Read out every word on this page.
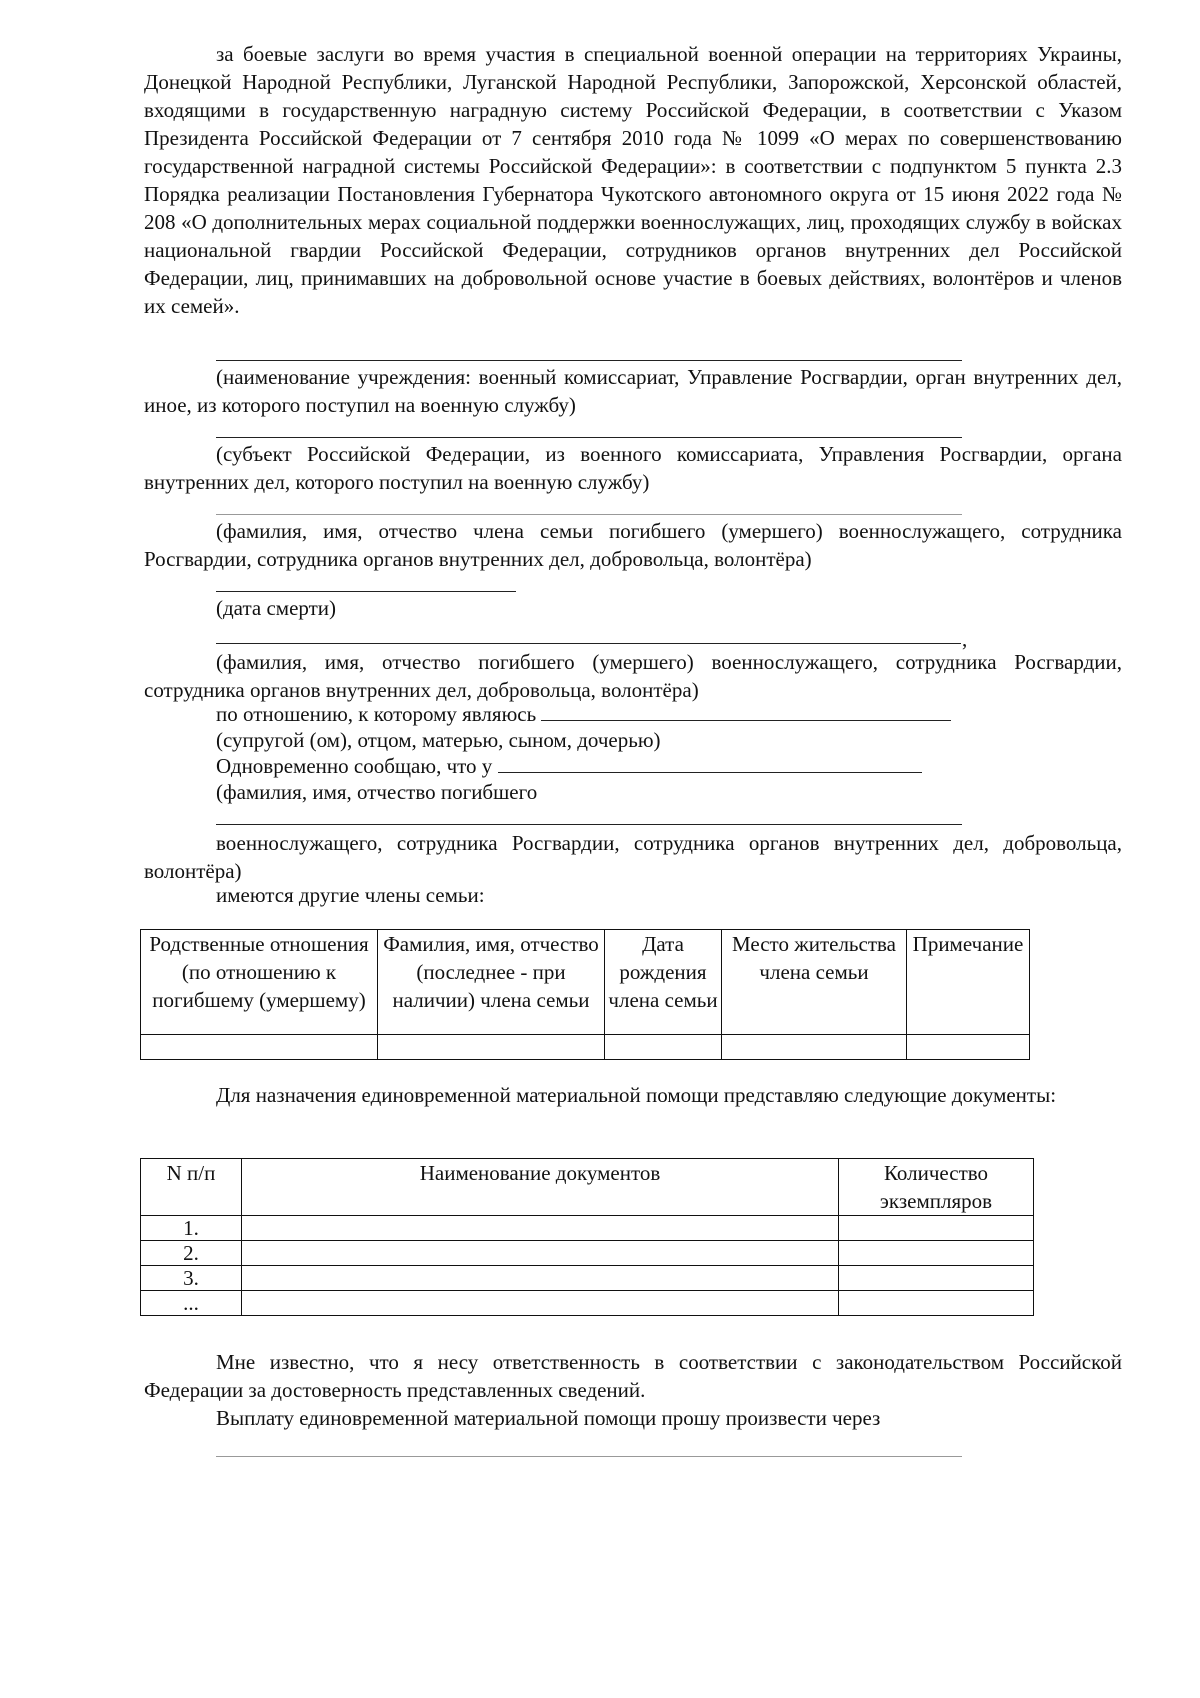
за боевые заслуги во время участия в специальной военной операции на территориях Украины, Донецкой Народной Республики, Луганской Народной Республики, Запорожской, Херсонской областей, входящими в государственную наградную систему Российской Федерации, в соответствии с Указом Президента Российской Федерации от 7 сентября 2010 года № 1099 «О мерах по совершенствованию государственной наградной системы Российской Федерации»: в соответствии с подпунктом 5 пункта 2.3 Порядка реализации Постановления Губернатора Чукотского автономного округа от 15 июня 2022 года № 208 «О дополнительных мерах социальной поддержки военнослужащих, лиц, проходящих службу в войсках национальной гвардии Российской Федерации, сотрудников органов внутренних дел Российской Федерации, лиц, принимавших на добровольной основе участие в боевых действиях, волонтёров и членов их семей».

(наименование учреждения: военный комиссариат, Управление Росгвардии, орган внутренних дел, иное, из которого поступил на военную службу)

(субъект Российской Федерации, из военного комиссариата, Управления Росгвардии, органа внутренних дел, которого поступил на военную службу)

(фамилия, имя, отчество члена семьи погибшего (умершего) военнослужащего, сотрудника Росгвардии, сотрудника органов внутренних дел, добровольца, волонтёра)

(дата смерти)
,

(фамилия, имя, отчество погибшего (умершего) военнослужащего, сотрудника Росгвардии, сотрудника органов внутренних дел, добровольца, волонтёра)

по отношению, к которому являюсь
(супругой (ом), отцом, матерью, сыном, дочерью)
Одновременно сообщаю, что у
(фамилия, имя, отчество погибшего

военнослужащего, сотрудника Росгвардии, сотрудника органов внутренних дел, добровольца, волонтёра)

имеются другие члены семьи:
Родственные отношения (по отношению к погибшему (умершему)	Фамилия, имя, отчество (последнее - при наличии) члена семьи	Дата рождения члена семьи	Место жительства члена семьи	Примечание

Для назначения единовременной материальной помощи представляю следующие документы:

N п/п	Наименование документов	Количество экземпляров
1.		
2.		
3.		
...		

Мне известно, что я несу ответственность в соответствии с законодательством Российской Федерации за достоверность представленных сведений.

Выплату единовременной материальной помощи прошу произвести через
